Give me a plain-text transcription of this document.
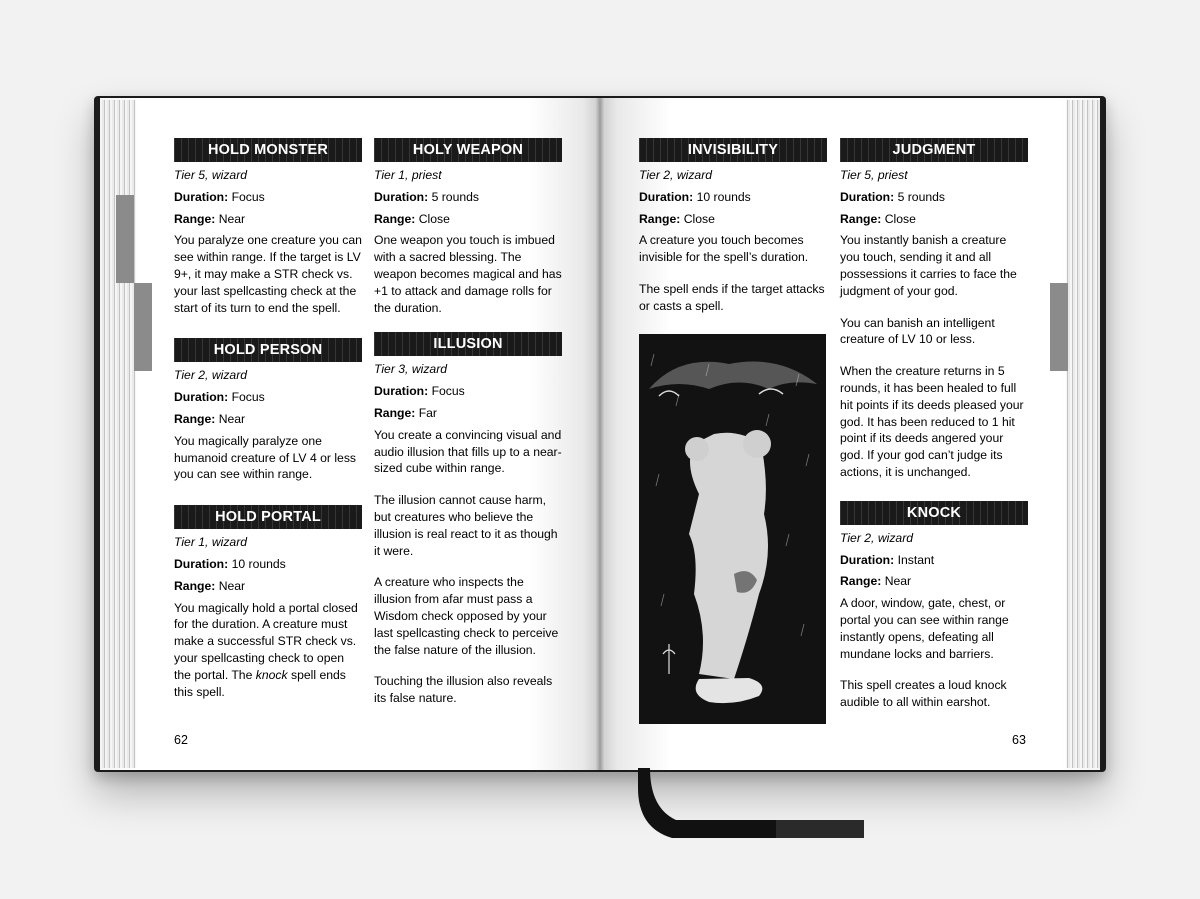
HOLD MONSTER
Tier 5, wizard
Duration: Focus
Range: Near
You paralyze one creature you can see within range. If the target is LV 9+, it may make a STR check vs. your last spellcasting check at the start of its turn to end the spell.
HOLD PERSON
Tier 2, wizard
Duration: Focus
Range: Near
You magically paralyze one humanoid creature of LV 4 or less you can see within range.
HOLD PORTAL
Tier 1, wizard
Duration: 10 rounds
Range: Near
You magically hold a portal closed for the duration. A creature must make a successful STR check vs. your spellcasting check to open the portal. The knock spell ends this spell.
HOLY WEAPON
Tier 1, priest
Duration: 5 rounds
Range: Close
One weapon you touch is imbued with a sacred blessing. The weapon becomes magical and has +1 to attack and damage rolls for the duration.
ILLUSION
Tier 3, wizard
Duration: Focus
Range: Far
You create a convincing visual and audio illusion that fills up to a near-sized cube within range.
The illusion cannot cause harm, but creatures who believe the illusion is real react to it as though it were.
A creature who inspects the illusion from afar must pass a Wisdom check opposed by your last spellcasting check to perceive the false nature of the illusion.
Touching the illusion also reveals its false nature.
62
INVISIBILITY
Tier 2, wizard
Duration: 10 rounds
Range: Close
A creature you touch becomes invisible for the spell’s duration.
The spell ends if the target attacks or casts a spell.
JUDGMENT
Tier 5, priest
Duration: 5 rounds
Range: Close
You instantly banish a creature you touch, sending it and all possessions it carries to face the judgment of your god.
You can banish an intelligent creature of LV 10 or less.
When the creature returns in 5 rounds, it has been healed to full hit points if its deeds pleased your god. It has been reduced to 1 hit point if its deeds angered your god. If your god can’t judge its actions, it is unchanged.
KNOCK
Tier 2, wizard
Duration: Instant
Range: Near
A door, window, gate, chest, or portal you can see within range instantly opens, defeating all mundane locks and barriers.
This spell creates a loud knock audible to all within earshot.
63
